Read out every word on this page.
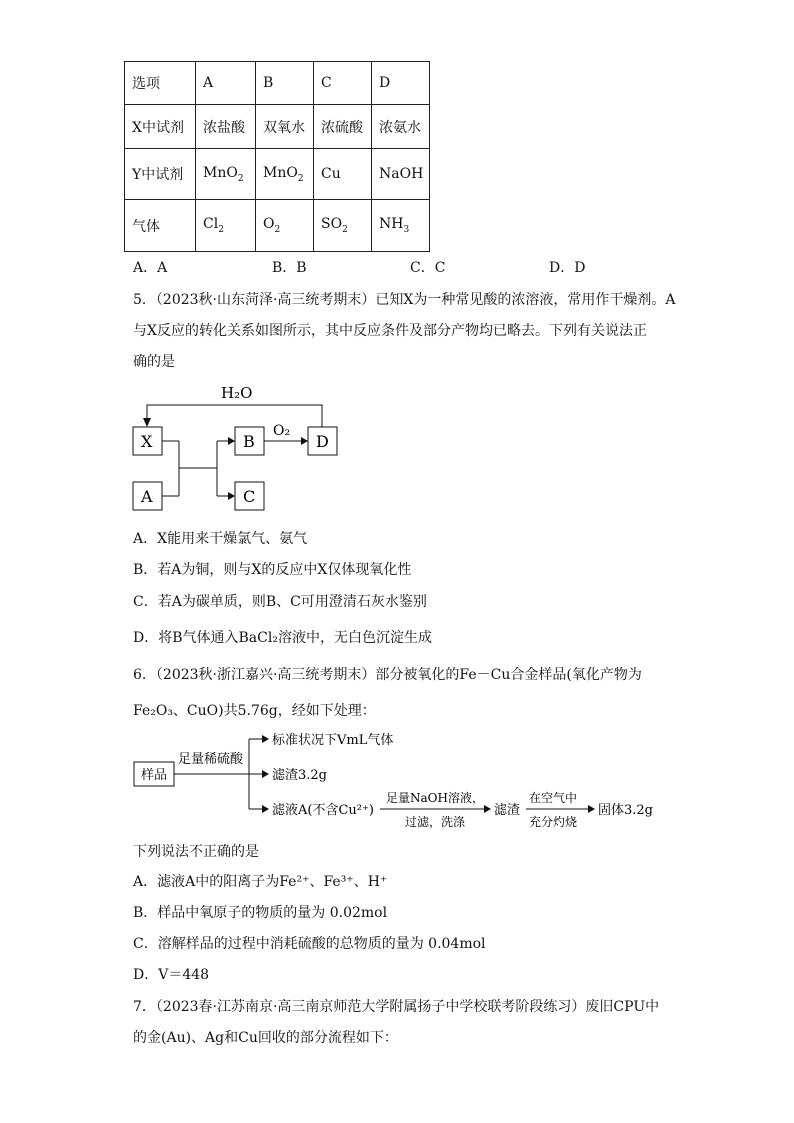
选项	A	B	C	D
X中试剂	浓盐酸	双氧水	浓硫酸	浓氨水
Y中试剂	MnO$_2$	MnO$_2$	Cu	NaOH
气体	$Cl_2$	$O_2$	$SO_2$	$NH_3$
A．A	B．B	C．C	D．D
5．（2023秋·山东菏泽·高三统考期末）已知X为一种常见酸的浓溶液，常用作干燥剂。A
与X反应的转化关系如图所示，其中反应条件及部分产物均已略去。下列有关说法正
确的是
H₂O
X
A
B
C
D
O₂
A．X能用来干燥氯气、氨气
B．若A为铜，则与X的反应中X仅体现氧化性
C．若A为碳单质，则B、C可用澄清石灰水鉴别
D．将B气体通入BaCl₂溶液中，无白色沉淀生成
6．（2023秋·浙江嘉兴·高三统考期末）部分被氧化的Fe－Cu合金样品(氧化产物为
Fe₂O₃、CuO)共5.76g，经如下处理：
样品
足量稀硫酸
标准状况下VmL气体
滤渣3.2g
滤液A(不含Cu²⁺)
足量NaOH溶液，
过滤，洗涤
滤渣
在空气中
充分灼烧
固体3.2g
下列说法不正确的是
A．滤液A中的阳离子为Fe²⁺、Fe³⁺、H⁺
B．样品中氧原子的物质的量为 0.02mol
C．溶解样品的过程中消耗硫酸的总物质的量为 0.04mol
D．V＝448
7．（2023春·江苏南京·高三南京师范大学附属扬子中学校联考阶段练习）废旧CPU中
的金(Au)、Ag和Cu回收的部分流程如下：
